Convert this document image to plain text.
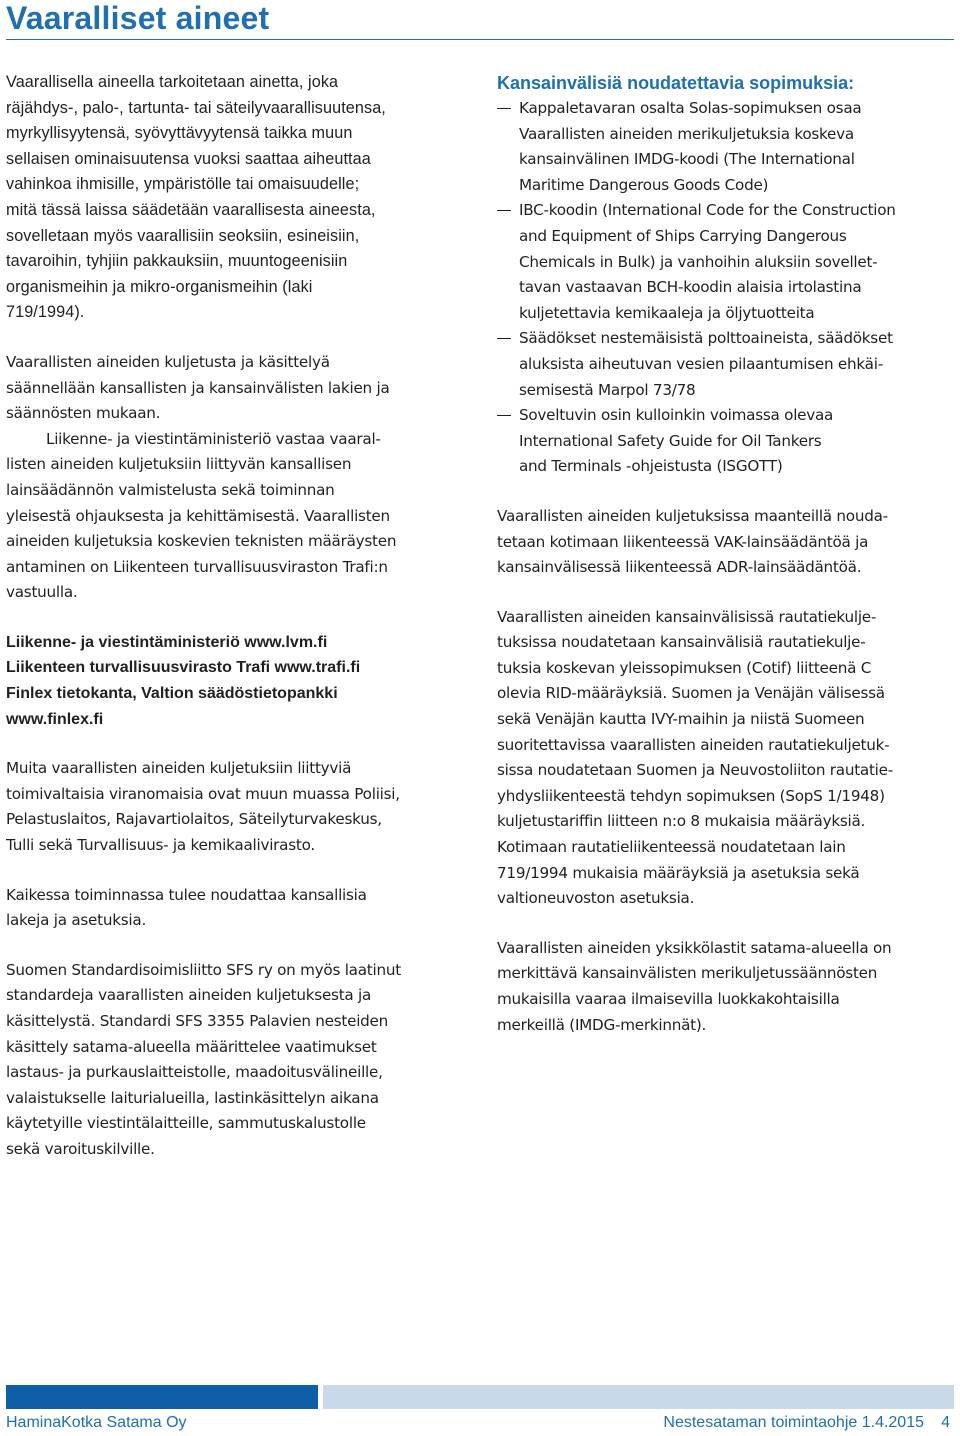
Vaaralliset aineet

Vaarallisella aineella tarkoitetaan ainetta, joka
räjähdys-, palo-, tartunta- tai säteilyvaarallisuutensa,
myrkyllisyytensä, syövyttävyytensä taikka muun
sellaisen ominaisuutensa vuoksi saattaa aiheuttaa
vahinkoa ihmisille, ympäristölle tai omaisuudelle;
mitä tässä laissa säädetään vaarallisesta aineesta,
sovelletaan myös vaarallisiin seoksiin, esineisiin,
tavaroihin, tyhjiin pakkauksiin, muuntogeenisiin
organismeihin ja mikro-organismeihin (laki
719/1994).

Vaarallisten aineiden kuljetusta ja käsittelyä
säännellään kansallisten ja kansainvälisten lakien ja
säännösten mukaan.

Liikenne- ja viestintäministeriö vastaa vaaral-
listen aineiden kuljetuksiin liittyvän kansallisen
lainsäädännön valmistelusta sekä toiminnan
yleisestä ohjauksesta ja kehittämisestä. Vaarallisten
aineiden kuljetuksia koskevien teknisten määräysten
antaminen on Liikenteen turvallisuusviraston Trafi:n
vastuulla.

Liikenne- ja viestintäministeriö www.lvm.fi
Liikenteen turvallisuusvirasto Trafi www.trafi.fi
Finlex tietokanta, Valtion säädöstietopankki
www.finlex.fi

Muita vaarallisten aineiden kuljetuksiin liittyviä
toimivaltaisia viranomaisia ovat muun muassa Poliisi,
Pelastuslaitos, Rajavartiolaitos, Säteilyturvakeskus,
Tulli sekä Turvallisuus- ja kemikaalivirasto.

Kaikessa toiminnassa tulee noudattaa kansallisia
lakeja ja asetuksia.

Suomen Standardisoimisliitto SFS ry on myös laatinut
standardeja vaarallisten aineiden kuljetuksesta ja
käsittelystä. Standardi SFS 3355 Palavien nesteiden
käsittely satama-alueella määrittelee vaatimukset
lastaus- ja purkauslaitteistolle, maadoitusvälineille,
valaistukselle laiturialueilla, lastinkäsittelyn aikana
käytetyille viestintälaitteille, sammutuskalustolle
sekä varoituskilville.

Kansainvälisiä noudatettavia sopimuksia:

Kappaletavaran osalta Solas-sopimuksen osaa
Vaarallisten aineiden merikuljetuksia koskeva
kansainvälinen IMDG-koodi (The International
Maritime Dangerous Goods Code)

IBC-koodin (International Code for the Construction
and Equipment of Ships Carrying Dangerous
Chemicals in Bulk) ja vanhoihin aluksiin sovellet-
tavan vastaavan BCH-koodin alaisia irtolastina
kuljetettavia kemikaaleja ja öljytuotteita

Säädökset nestemäisistä polttoaineista, säädökset
aluksista aiheutuvan vesien pilaantumisen ehkäi-
semisestä Marpol 73/78

Soveltuvin osin kulloinkin voimassa olevaa
International Safety Guide for Oil Tankers
and Terminals -ohjeistusta (ISGOTT)

Vaarallisten aineiden kuljetuksissa maanteillä nouda-
tetaan kotimaan liikenteessä VAK-lainsäädäntöä ja
kansainvälisessä liikenteessä ADR-lainsäädäntöä.

Vaarallisten aineiden kansainvälisissä rautatiekulje-
tuksissa noudatetaan kansainvälisiä rautatiekulje-
tuksia koskevan yleissopimuksen (Cotif) liitteenä C
olevia RID-määräyksiä. Suomen ja Venäjän välisessä
sekä Venäjän kautta IVY-maihin ja niistä Suomeen
suoritettavissa vaarallisten aineiden rautatiekuljetuk-
sissa noudatetaan Suomen ja Neuvostoliiton rautatie-
yhdysliikenteestä tehdyn sopimuksen (SopS 1/1948)
kuljetustariffin liitteen n:o 8 mukaisia määräyksiä.
Kotimaan rautatieliikenteessä noudatetaan lain
719/1994 mukaisia määräyksiä ja asetuksia sekä
valtioneuvoston asetuksia.

Vaarallisten aineiden yksikkölastit satama-alueella on
merkittävä kansainvälisten merikuljetussäännösten
mukaisilla vaaraa ilmaisevilla luokkakohtaisilla
merkeillä (IMDG-merkinnät).

HaminaKotka Satama Oy	Nestesataman toimintaohje 1.4.2015 4
